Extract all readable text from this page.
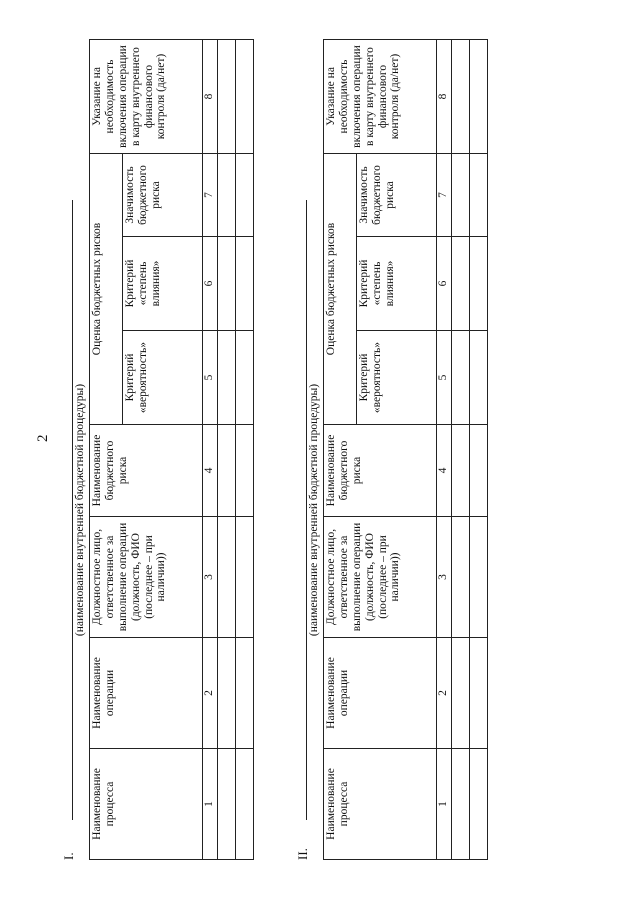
2
I.
(наименование внутренней бюджетной процедуры)
Наименование процесса	Наименование операции	Должностное лицо, ответственное за выполнение операции (должность, ФИО (последнее – при наличии))	Наименование бюджетного риска	Оценка бюджетных рисков			Указание на необходимость включения операции в карту внутреннего финансового контроля (да/нет)
				Критерий «вероятность»	Критерий «степень влияния»	Значимость бюджетного риска	
1	2	3	4	5	6	7	8

II.
(наименование внутренней бюджетной процедуры)
Наименование процесса	Наименование операции	Должностное лицо, ответственное за выполнение операции (должность, ФИО (последнее – при наличии))	Наименование бюджетного риска	Оценка бюджетных рисков			Указание на необходимость включения операции в карту внутреннего финансового контроля (да/нет)
				Критерий «вероятность»	Критерий «степень влияния»	Значимость бюджетного риска	
1	2	3	4	5	6	7	8
